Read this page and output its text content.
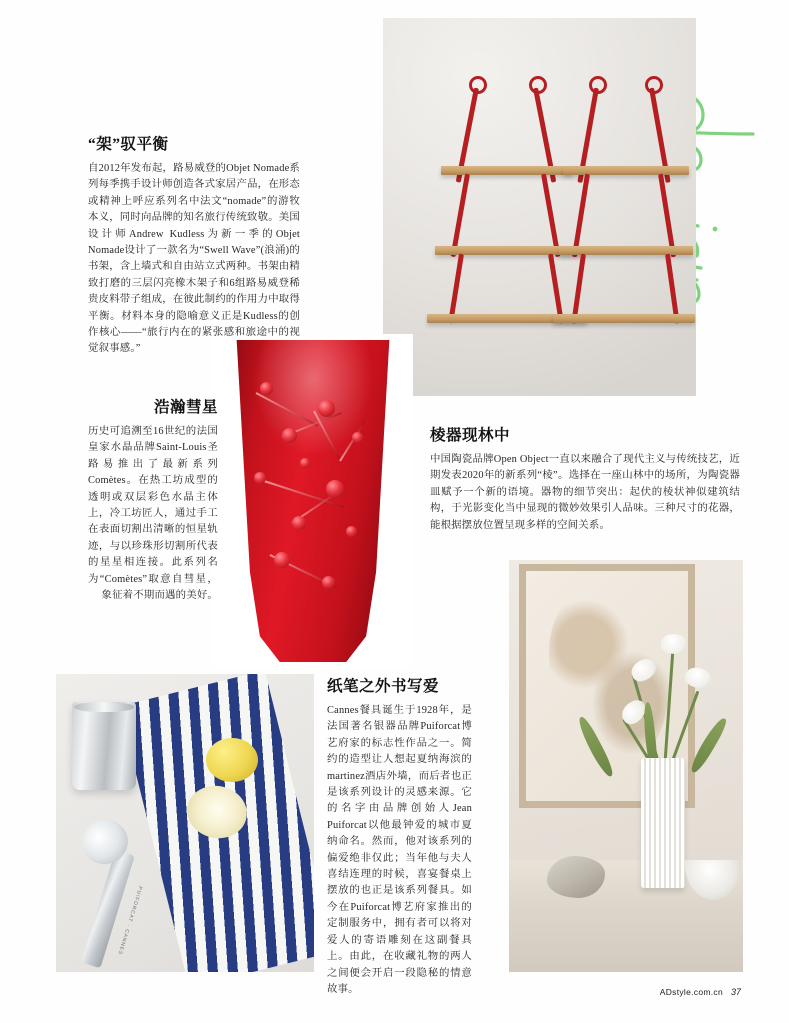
PUIFORCAT · CANNES
“架”驭平衡

自2012年发布起，路易威登的Objet Nomade系列每季携手设计师创造各式家居产品，在形态或精神上呼应系列名中法文“nomade”的游牧本义，同时向品牌的知名旅行传统致敬。美国设计师Andrew Kudless为新一季的Objet Nomade设计了一款名为“Swell Wave”(浪涌)的书架，含上墙式和自由站立式两种。书架由精致打磨的三层闪亮橡木架子和6组路易威登稀贵皮料带子组成，在彼此制约的作用力中取得平衡。材料本身的隐喻意义正是Kudless的创作核心——“旅行内在的紧张感和旅途中的视觉叙事感。”

浩瀚彗星

历史可追溯至16世纪的法国皇家水晶品牌Saint-Louis圣路易推出了最新系列Comètes。在热工坊成型的透明或双层彩色水晶主体上，冷工坊匠人，通过手工在表面切割出清晰的恒星轨迹，与以珍珠形切割所代表的星星相连接。此系列名为“Comètes”取意自彗星，象征着不期而遇的美好。

棱器现林中

中国陶瓷品牌Open Object一直以来融合了现代主义与传统技艺，近期发表2020年的新系列“棱”。选择在一座山林中的场所，为陶瓷器皿赋予一个新的语境。器物的细节突出：起伏的棱状神似建筑结构，于光影变化当中显现的微妙效果引人品味。三种尺寸的花器，能根据摆放位置呈现多样的空间关系。

纸笔之外书写爱

Cannes餐具诞生于1928年，是法国著名银器品牌Puiforcat博艺府家的标志性作品之一。简约的造型让人想起夏纳海滨的martinez酒店外墙，而后者也正是该系列设计的灵感来源。它的名字由品牌创始人Jean Puiforcat以他最钟爱的城市夏纳命名。然而，他对该系列的偏爱绝非仅此；当年他与夫人喜结连理的时候，喜宴餐桌上摆放的也正是该系列餐具。如今在Puiforcat博艺府家推出的定制服务中，拥有者可以将对爱人的寄语雕刻在这副餐具上。由此，在收藏礼物的两人之间便会开启一段隐秘的情意故事。	ADstyle.com.cn 37
